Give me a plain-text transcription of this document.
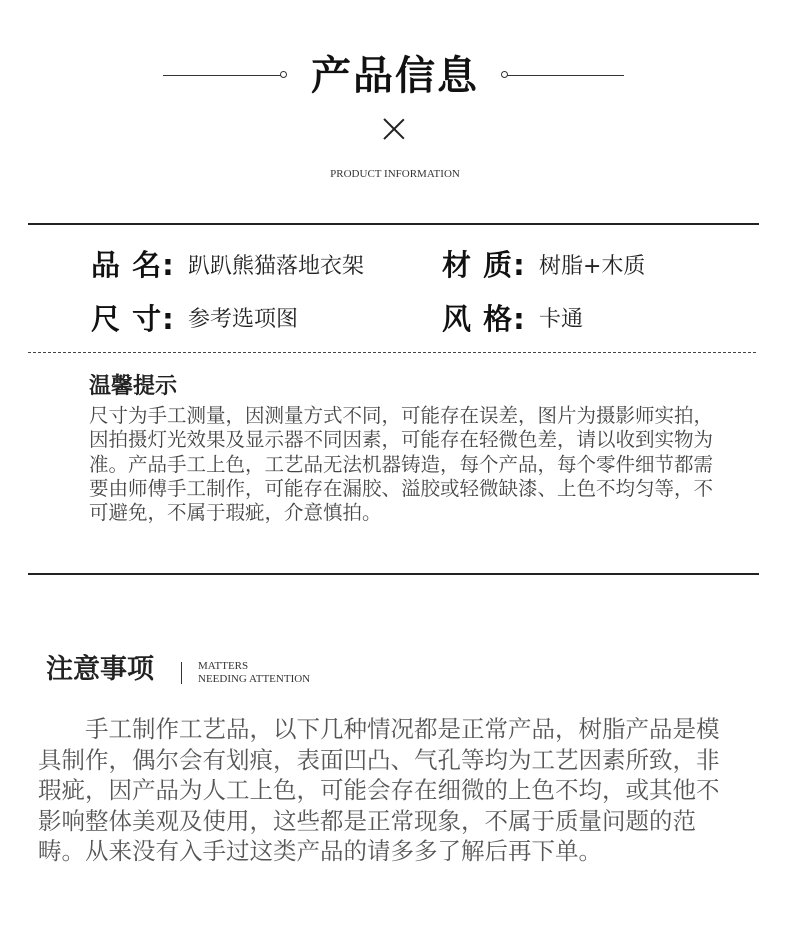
产品信息
PRODUCT INFORMATION
品 名: 趴趴熊猫落地衣架	材 质: 树脂+木质
尺 寸: 参考选项图	风 格: 卡通
温馨提示
尺寸为手工测量，因测量方式不同，可能存在误差，图片为摄影师实拍，因拍摄灯光效果及显示器不同因素，可能存在轻微色差，请以收到实物为准。产品手工上色，工艺品无法机器铸造，每个产品，每个零件细节都需要由师傅手工制作，可能存在漏胶、溢胶或轻微缺漆、上色不均匀等，不可避免，不属于瑕疵，介意慎拍。
注意事项	MATTERS
NEEDING ATTENTION
手工制作工艺品，以下几种情况都是正常产品，树脂产品是模具制作，偶尔会有划痕，表面凹凸、气孔等均为工艺因素所致，非瑕疵，因产品为人工上色，可能会存在细微的上色不均，或其他不影响整体美观及使用，这些都是正常现象，不属于质量问题的范畴。从来没有入手过这类产品的请多多了解后再下单。
